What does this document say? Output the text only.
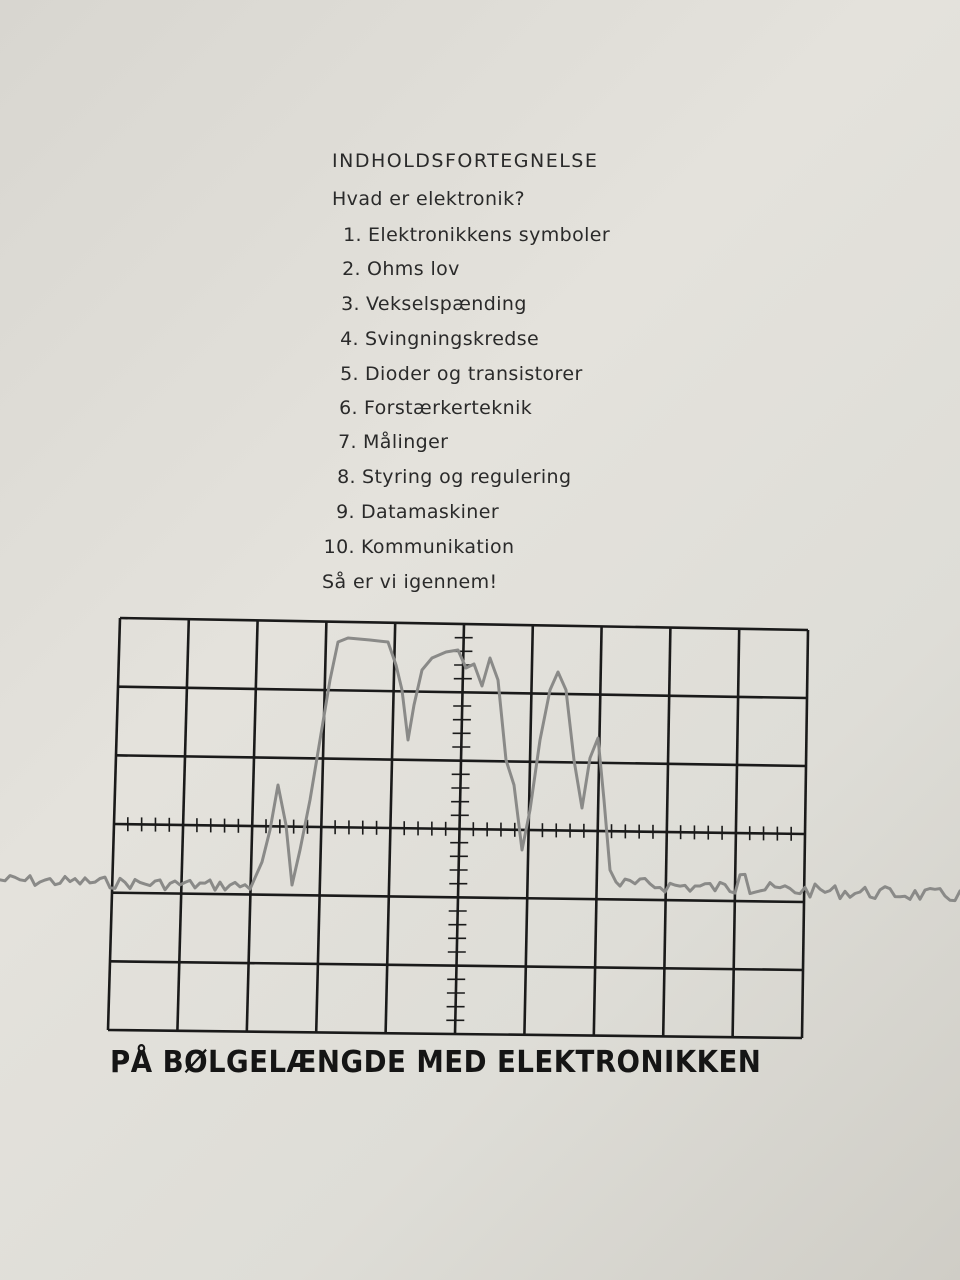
INDHOLDSFORTEGNELSE
Hvad er elektronik?
1. Elektronikkens symboler
2. Ohms lov
3. Vekselspænding
4. Svingningskredse
5. Dioder og transistorer
6. Forstærkerteknik
7. Målinger
8. Styring og regulering
9. Datamaskiner
10. Kommunikation
Så er vi igennem!
PÅ BØLGELÆNGDE MED ELEKTRONIKKEN
